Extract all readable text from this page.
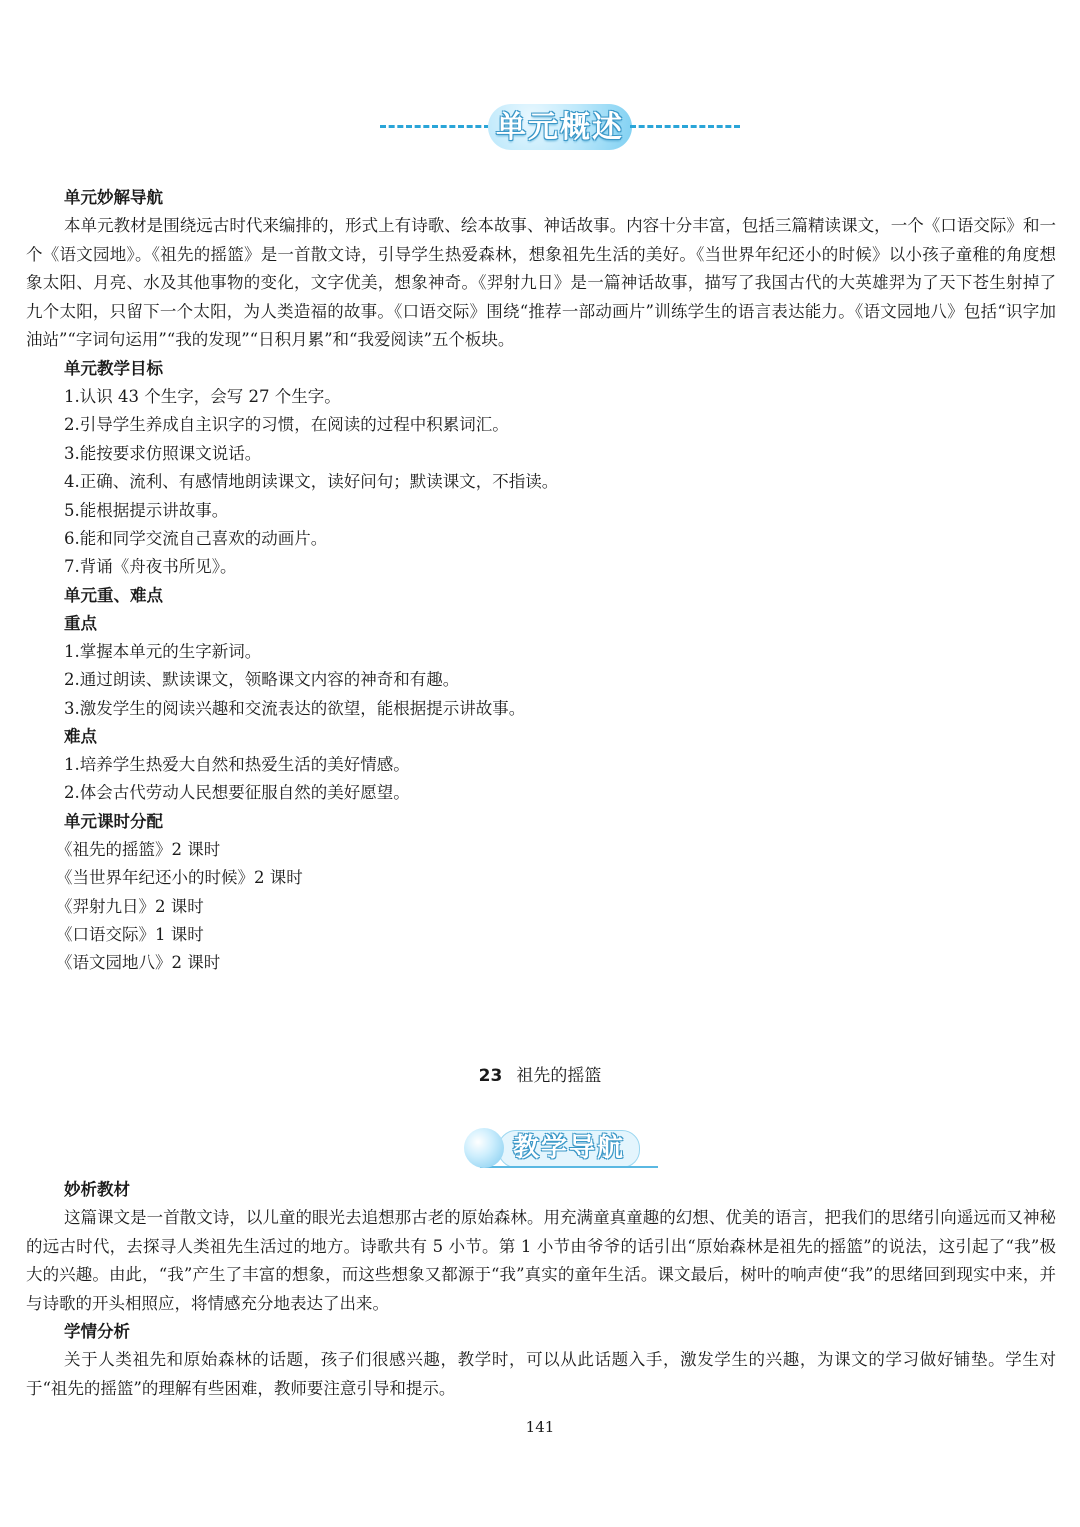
单元概述
单元妙解导航
本单元教材是围绕远古时代来编排的，形式上有诗歌、绘本故事、神话故事。内容十分丰富，包括三篇精读课文，一个《口语交际》和一个《语文园地》。《祖先的摇篮》是一首散文诗，引导学生热爱森林，想象祖先生活的美好。《当世界年纪还小的时候》以小孩子童稚的角度想象太阳、月亮、水及其他事物的变化，文字优美，想象神奇。《羿射九日》是一篇神话故事，描写了我国古代的大英雄羿为了天下苍生射掉了九个太阳，只留下一个太阳，为人类造福的故事。《口语交际》围绕“推荐一部动画片”训练学生的语言表达能力。《语文园地八》包括“识字加油站”“字词句运用”“我的发现”“日积月累”和“我爱阅读”五个板块。
单元教学目标
1.认识 43 个生字，会写 27 个生字。
2.引导学生养成自主识字的习惯，在阅读的过程中积累词汇。
3.能按要求仿照课文说话。
4.正确、流利、有感情地朗读课文，读好问句；默读课文，不指读。
5.能根据提示讲故事。
6.能和同学交流自己喜欢的动画片。
7.背诵《舟夜书所见》。
单元重、难点
重点
1.掌握本单元的生字新词。
2.通过朗读、默读课文，领略课文内容的神奇和有趣。
3.激发学生的阅读兴趣和交流表达的欲望，能根据提示讲故事。
难点
1.培养学生热爱大自然和热爱生活的美好情感。
2.体会古代劳动人民想要征服自然的美好愿望。
单元课时分配
《祖先的摇篮》2 课时
《当世界年纪还小的时候》2 课时
《羿射九日》2 课时
《口语交际》1 课时
《语文园地八》2 课时
23 祖先的摇篮
教学导航
妙析教材
这篇课文是一首散文诗，以儿童的眼光去追想那古老的原始森林。用充满童真童趣的幻想、优美的语言，把我们的思绪引向遥远而又神秘的远古时代，去探寻人类祖先生活过的地方。诗歌共有 5 小节。第 1 小节由爷爷的话引出“原始森林是祖先的摇篮”的说法，这引起了“我”极大的兴趣。由此，“我”产生了丰富的想象，而这些想象又都源于“我”真实的童年生活。课文最后，树叶的响声使“我”的思绪回到现实中来，并与诗歌的开头相照应，将情感充分地表达了出来。
学情分析
关于人类祖先和原始森林的话题，孩子们很感兴趣，教学时，可以从此话题入手，激发学生的兴趣，为课文的学习做好铺垫。学生对于“祖先的摇篮”的理解有些困难，教师要注意引导和提示。
141
